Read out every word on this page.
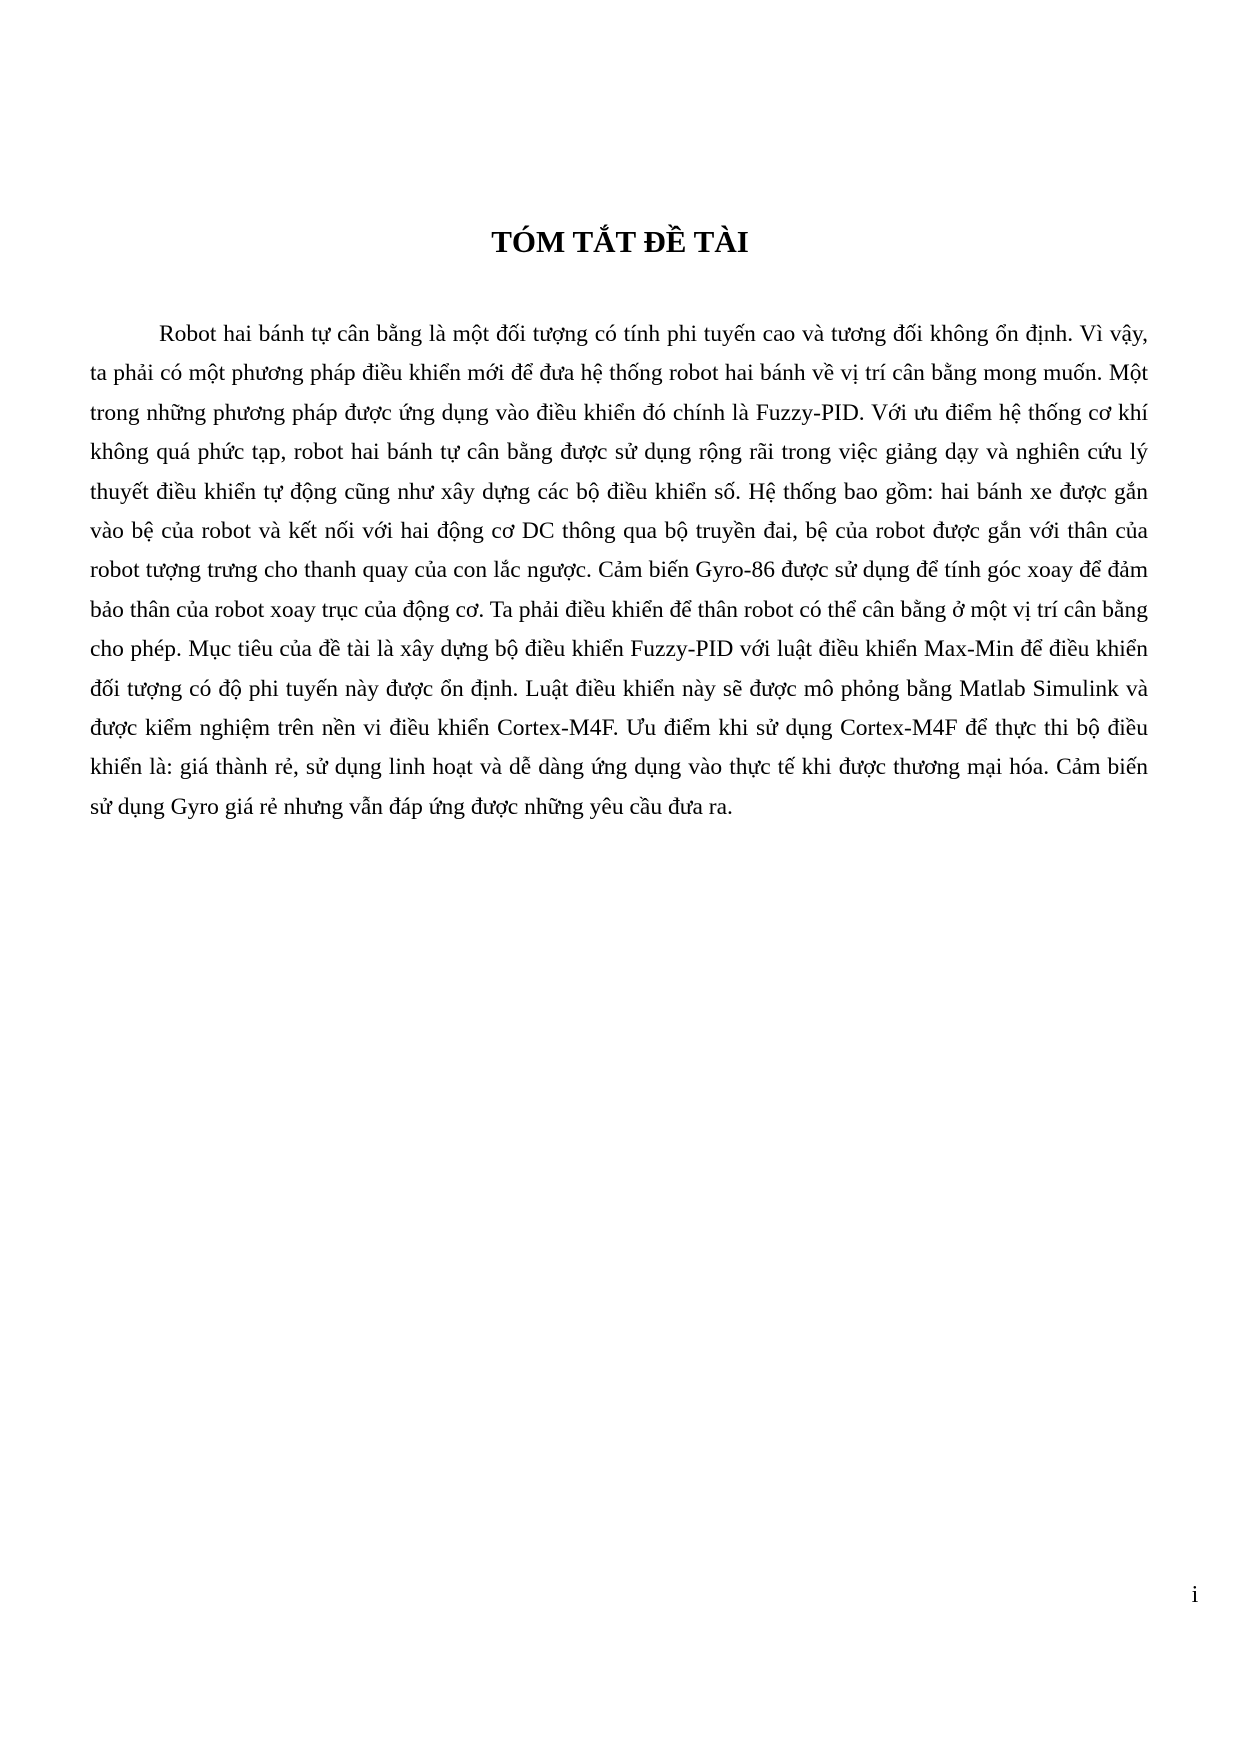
TÓM TẮT ĐỀ TÀI

Robot hai bánh tự cân bằng là một đối tượng có tính phi tuyến cao và tương đối không ổn định. Vì vậy, ta phải có một phương pháp điều khiển mới để đưa hệ thống robot hai bánh về vị trí cân bằng mong muốn. Một trong những phương pháp được ứng dụng vào điều khiển đó chính là Fuzzy-PID. Với ưu điểm hệ thống cơ khí không quá phức tạp, robot hai bánh tự cân bằng được sử dụng rộng rãi trong việc giảng dạy và nghiên cứu lý thuyết điều khiển tự động cũng như xây dựng các bộ điều khiển số. Hệ thống bao gồm: hai bánh xe được gắn vào bệ của robot và kết nối với hai động cơ DC thông qua bộ truyền đai, bệ của robot được gắn với thân của robot tượng trưng cho thanh quay của con lắc ngược. Cảm biến Gyro-86 được sử dụng để tính góc xoay để đảm bảo thân của robot xoay trục của động cơ. Ta phải điều khiển để thân robot có thể cân bằng ở một vị trí cân bằng cho phép. Mục tiêu của đề tài là xây dựng bộ điều khiển Fuzzy-PID với luật điều khiển Max-Min để điều khiển đối tượng có độ phi tuyến này được ổn định. Luật điều khiển này sẽ được mô phỏng bằng Matlab Simulink và được kiểm nghiệm trên nền vi điều khiển Cortex-M4F. Ưu điểm khi sử dụng Cortex-M4F để thực thi bộ điều khiển là: giá thành rẻ, sử dụng linh hoạt và dễ dàng ứng dụng vào thực tế khi được thương mại hóa. Cảm biến sử dụng Gyro giá rẻ nhưng vẫn đáp ứng được những yêu cầu đưa ra.

i
